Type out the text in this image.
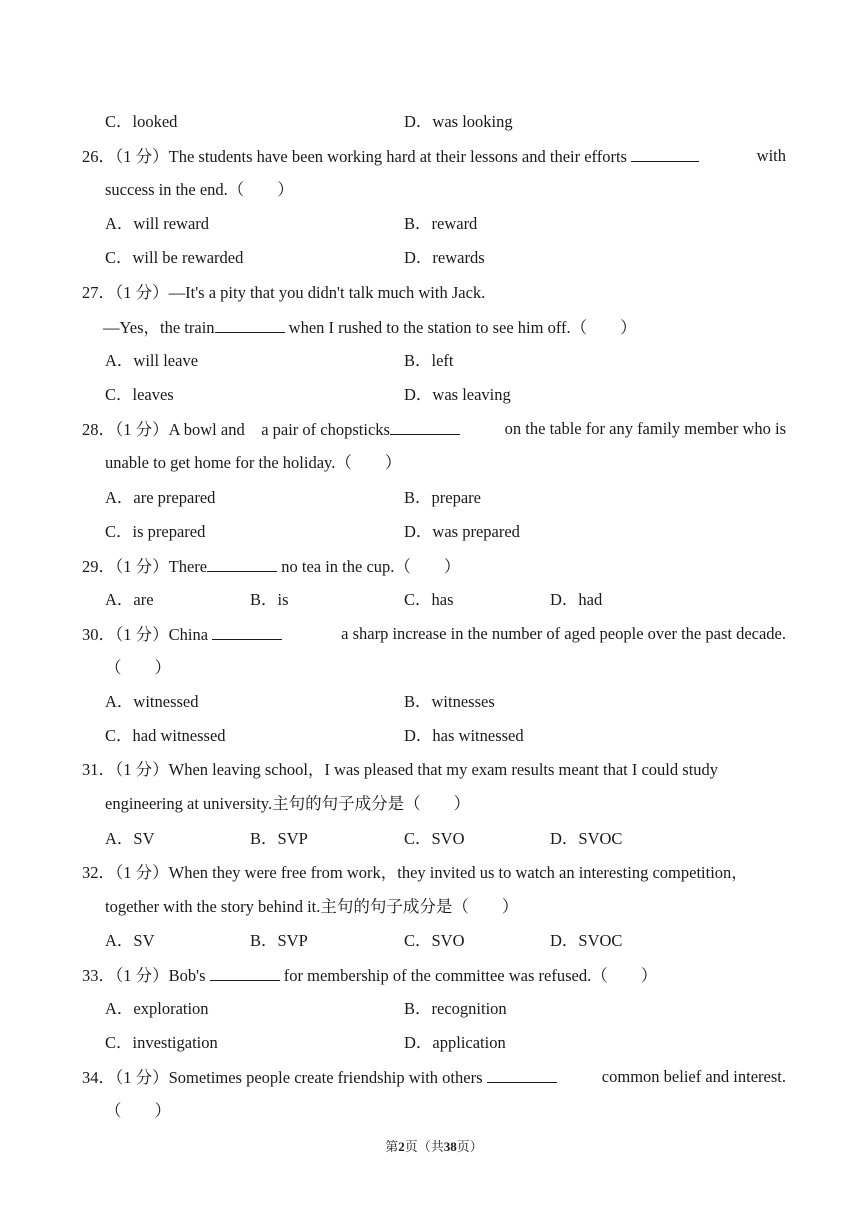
C．looked	D．was looking
26．（1 分）The students have been working hard at their lessons and their efforts	with
success in the end.（　　）
A．will reward	B．reward
C．will be rewarded	D．rewards
27．（1 分）—It's a pity that you didn't talk much with Jack.
—Yes，the train	when I rushed to the station to see him off.（　　）
A．will leave	B．left
C．leaves	D．was leaving
28．（1 分）A bowl and　a pair of chopsticks	on the table for any family member who is
unable to get home for the holiday.（　　）
A．are prepared	B．prepare
C．is prepared	D．was prepared
29．（1 分）There	no tea in the cup.（　　）
A．are	B．is	C．has	D．had
30．（1 分）China	a sharp increase in the number of aged people over the past decade.
（　　）
A．witnessed	B．witnesses
C．had witnessed	D．has witnessed
31．（1 分）When leaving school，I was pleased that my exam results meant that I could study
engineering at university.主句的句子成分是（　　）
A．SV	B．SVP	C．SVO	D．SVOC
32．（1 分）When they were free from work，they invited us to watch an interesting competition，
together with the story behind it.主句的句子成分是（　　）
A．SV	B．SVP	C．SVO	D．SVOC
33．（1 分）Bob's	for membership of the committee was refused.（　　）
A．exploration	B．recognition
C．investigation	D．application
34．（1 分）Sometimes people create friendship with others	common belief and interest.
（　　）
第2页（共38页）
